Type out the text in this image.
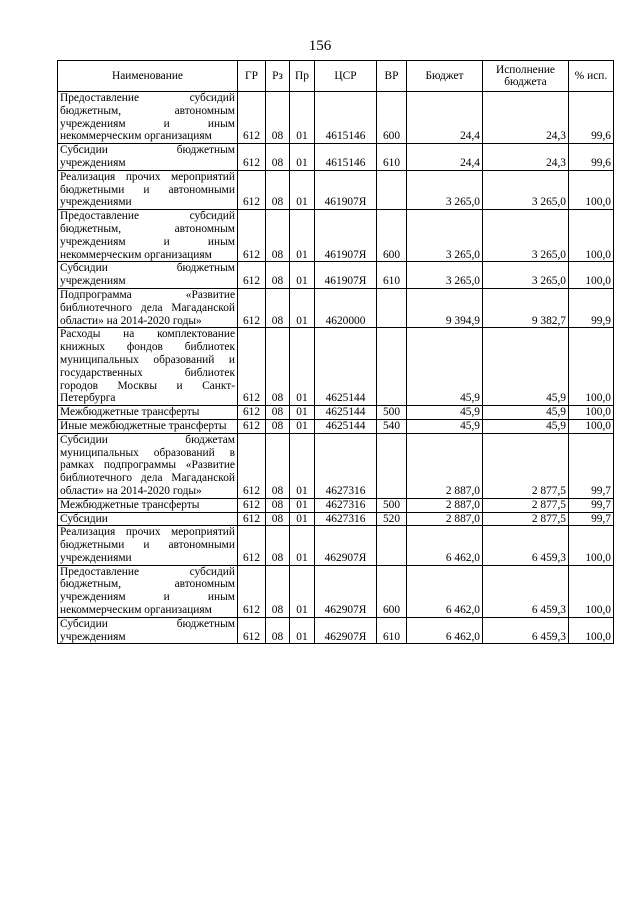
156
Наименование	ГР	Рз	Пр	ЦСР	ВР	Бюджет	Исполнение бюджета	% исп.
Предоставление субсидий бюджетным, автономным учреждениям и иным некоммерческим организациям	612	08	01	4615146	600	24,4	24,3	99,6
Субсидии бюджетным учреждениям	612	08	01	4615146	610	24,4	24,3	99,6
Реализация прочих мероприятий бюджетными и автономными учреждениями	612	08	01	461907Я		3 265,0	3 265,0	100,0
Предоставление субсидий бюджетным, автономным учреждениям и иным некоммерческим организациям	612	08	01	461907Я	600	3 265,0	3 265,0	100,0
Субсидии бюджетным учреждениям	612	08	01	461907Я	610	3 265,0	3 265,0	100,0
Подпрограмма «Развитие библиотечного дела Магаданской области» на 2014-2020 годы»	612	08	01	4620000		9 394,9	9 382,7	99,9
Расходы на комплектование книжных фондов библиотек муниципальных образований и государственных библиотек городов Москвы и Санкт-Петербурга	612	08	01	4625144		45,9	45,9	100,0
Межбюджетные трансферты	612	08	01	4625144	500	45,9	45,9	100,0
Иные межбюджетные трансферты	612	08	01	4625144	540	45,9	45,9	100,0
Субсидии бюджетам муниципальных образований в рамках подпрограммы «Развитие библиотечного дела Магаданской области» на 2014-2020 годы»	612	08	01	4627316		2 887,0	2 877,5	99,7
Межбюджетные трансферты	612	08	01	4627316	500	2 887,0	2 877,5	99,7
Субсидии	612	08	01	4627316	520	2 887,0	2 877,5	99,7
Реализация прочих мероприятий бюджетными и автономными учреждениями	612	08	01	462907Я		6 462,0	6 459,3	100,0
Предоставление субсидий бюджетным, автономным учреждениям и иным некоммерческим организациям	612	08	01	462907Я	600	6 462,0	6 459,3	100,0
Субсидии бюджетным учреждениям	612	08	01	462907Я	610	6 462,0	6 459,3	100,0
